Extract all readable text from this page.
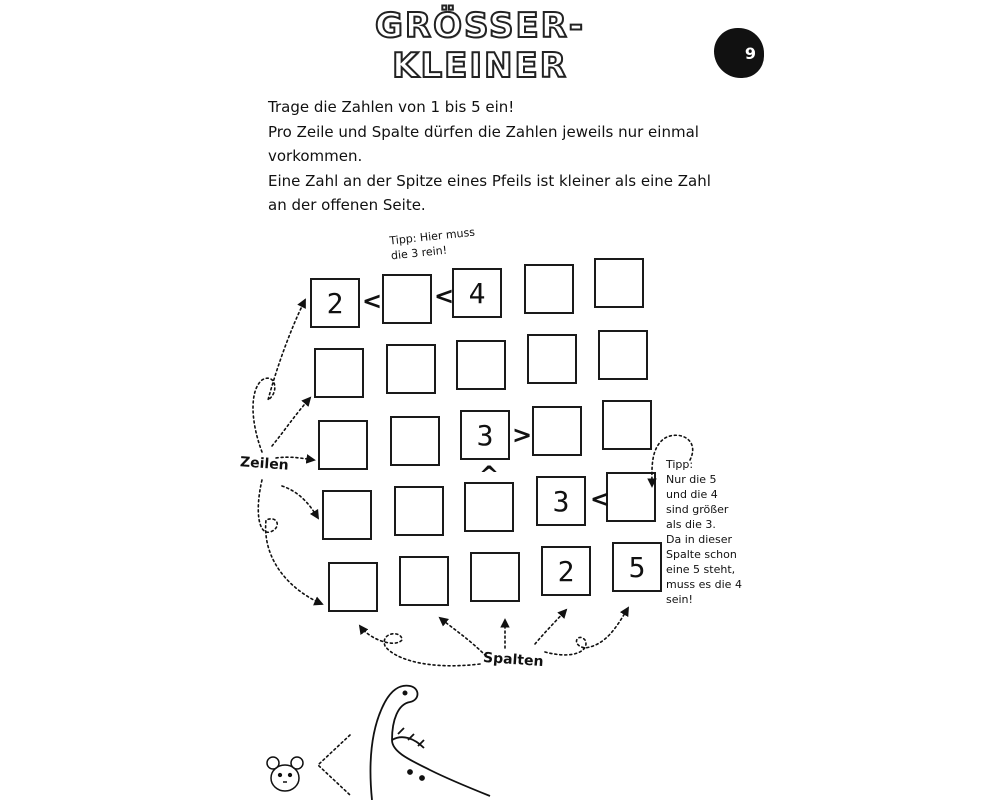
GRÖSSER-KLEINER	9
Trage die Zahlen von 1 bis 5 ein!
Pro Zeile und Spalte dürfen die Zahlen jeweils nur einmal
vorkommen.
Eine Zahl an der Spitze eines Pfeils ist kleiner als eine Zahl
an der offenen Seite.
Tipp: Hier muss
die 3 rein!
2	4
3
3
2	5
< <
>
^
<
Tipp:
Nur die 5
und die 4
sind größer
als die 3.
Da in dieser
Spalte schon
eine 5 steht,
muss es die 4
sein!
Zeilen
Spalten
